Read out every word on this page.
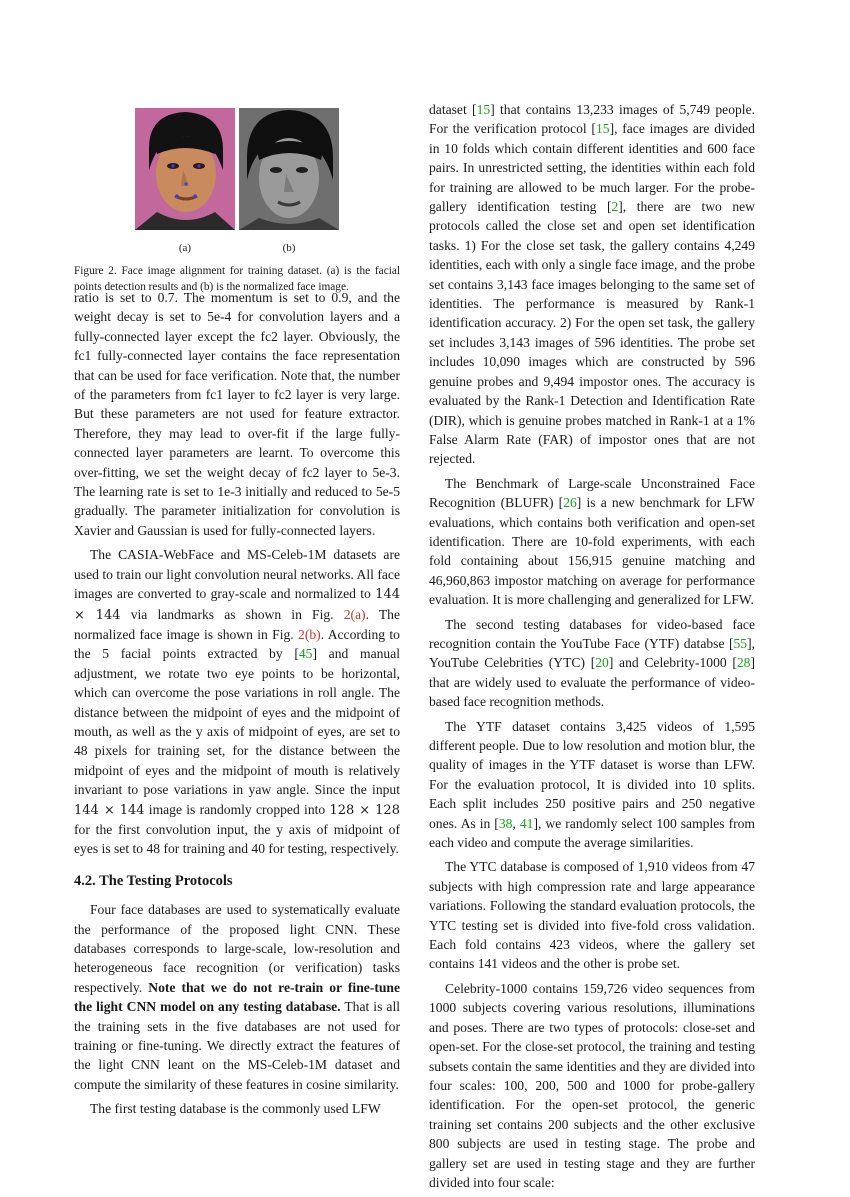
(a)	(b)
Figure 2. Face image alignment for training dataset. (a) is the facial points detection results and (b) is the normalized face image.

ratio is set to 0.7. The momentum is set to 0.9, and the weight decay is set to 5e-4 for convolution layers and a fully-connected layer except the fc2 layer. Obviously, the fc1 fully-connected layer contains the face representation that can be used for face verification. Note that, the number of the parameters from fc1 layer to fc2 layer is very large. But these parameters are not used for feature extractor. Therefore, they may lead to over-fit if the large fully-connected layer parameters are learnt. To overcome this over-fitting, we set the weight decay of fc2 layer to 5e-3. The learning rate is set to 1e-3 initially and reduced to 5e-5 gradually. The parameter initialization for convolution is Xavier and Gaussian is used for fully-connected layers.

The CASIA-WebFace and MS-Celeb-1M datasets are used to train our light convolution neural networks. All face images are converted to gray-scale and normalized to 144 × 144 via landmarks as shown in Fig. 2(a). The normalized face image is shown in Fig. 2(b). According to the 5 facial points extracted by [45] and manual adjustment, we rotate two eye points to be horizontal, which can overcome the pose variations in roll angle. The distance between the midpoint of eyes and the midpoint of mouth, as well as the y axis of midpoint of eyes, are set to 48 pixels for training set, for the distance between the midpoint of eyes and the midpoint of mouth is relatively invariant to pose variations in yaw angle. Since the input 144 × 144 image is randomly cropped into 128 × 128 for the first convolution input, the y axis of midpoint of eyes is set to 48 for training and 40 for testing, respectively.

4.2. The Testing Protocols

Four face databases are used to systematically evaluate the performance of the proposed light CNN. These databases corresponds to large-scale, low-resolution and heterogeneous face recognition (or verification) tasks respectively. Note that we do not re-train or fine-tune the light CNN model on any testing database. That is all the training sets in the five databases are not used for training or fine-tuning. We directly extract the features of the light CNN leant on the MS-Celeb-1M dataset and compute the similarity of these features in cosine similarity.

The first testing database is the commonly used LFW

dataset [15] that contains 13,233 images of 5,749 people. For the verification protocol [15], face images are divided in 10 folds which contain different identities and 600 face pairs. In unrestricted setting, the identities within each fold for training are allowed to be much larger. For the probe-gallery identification testing [2], there are two new protocols called the close set and open set identification tasks. 1) For the close set task, the gallery contains 4,249 identities, each with only a single face image, and the probe set contains 3,143 face images belonging to the same set of identities. The performance is measured by Rank-1 identification accuracy. 2) For the open set task, the gallery set includes 3,143 images of 596 identities. The probe set includes 10,090 images which are constructed by 596 genuine probes and 9,494 impostor ones. The accuracy is evaluated by the Rank-1 Detection and Identification Rate (DIR), which is genuine probes matched in Rank-1 at a 1% False Alarm Rate (FAR) of impostor ones that are not rejected.

The Benchmark of Large-scale Unconstrained Face Recognition (BLUFR) [26] is a new benchmark for LFW evaluations, which contains both verification and open-set identification. There are 10-fold experiments, with each fold containing about 156,915 genuine matching and 46,960,863 impostor matching on average for performance evaluation. It is more challenging and generalized for LFW.

The second testing databases for video-based face recognition contain the YouTube Face (YTF) databse [55], YouTube Celebrities (YTC) [20] and Celebrity-1000 [28] that are widely used to evaluate the performance of video-based face recognition methods.

The YTF dataset contains 3,425 videos of 1,595 different people. Due to low resolution and motion blur, the quality of images in the YTF dataset is worse than LFW. For the evaluation protocol, It is divided into 10 splits. Each split includes 250 positive pairs and 250 negative ones. As in [38, 41], we randomly select 100 samples from each video and compute the average similarities.

The YTC database is composed of 1,910 videos from 47 subjects with high compression rate and large appearance variations. Following the standard evaluation protocols, the YTC testing set is divided into five-fold cross validation. Each fold contains 423 videos, where the gallery set contains 141 videos and the other is probe set.

Celebrity-1000 contains 159,726 video sequences from 1000 subjects covering various resolutions, illuminations and poses. There are two types of protocols: close-set and open-set. For the close-set protocol, the training and testing subsets contain the same identities and they are divided into four scales: 100, 200, 500 and 1000 for probe-gallery identification. For the open-set protocol, the generic training set contains 200 subjects and the other exclusive 800 subjects are used in testing stage. The probe and gallery set are used in testing stage and they are further divided into four scale:
